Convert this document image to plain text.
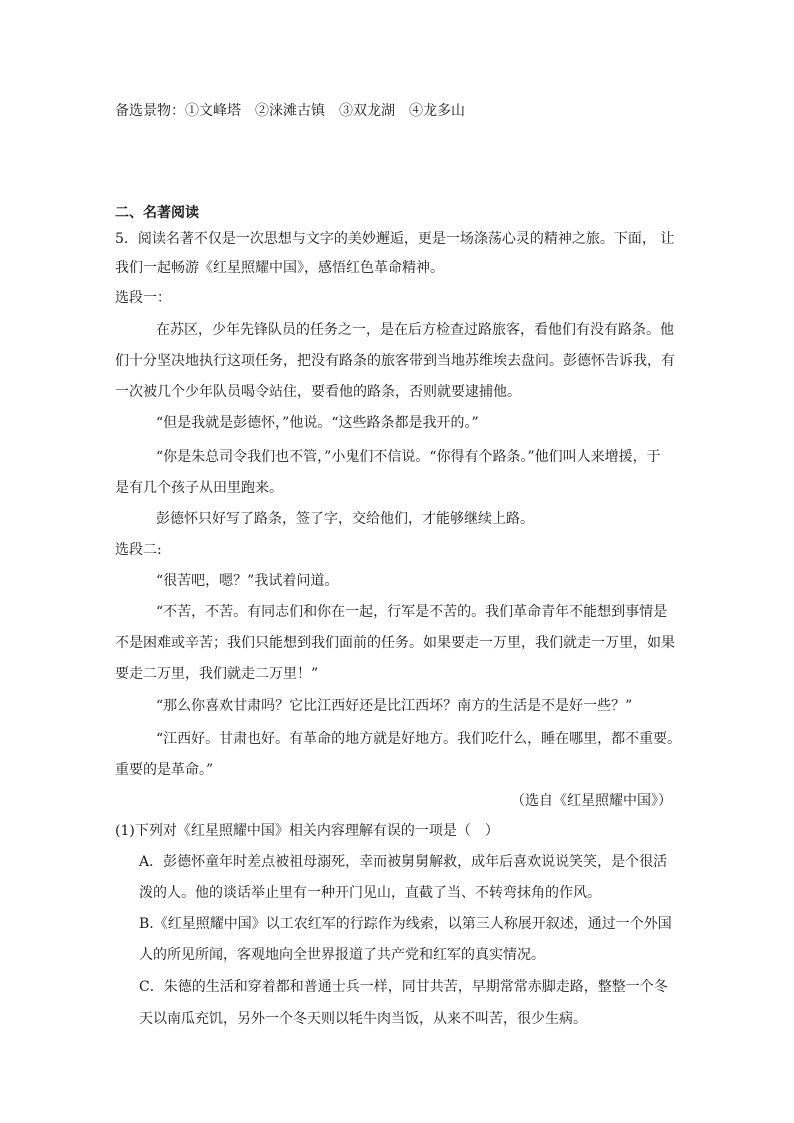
备选景物：①文峰塔　②涞滩古镇　③双龙湖　④龙多山
二、名著阅读
5．阅读名著不仅是一次思想与文字的美妙邂逅，更是一场涤荡心灵的精神之旅。下面， 让
我们一起畅游《红星照耀中国》，感悟红色革命精神。
选段一：
在苏区，少年先锋队员的任务之一，是在后方检查过路旅客，看他们有没有路条。他
们十分坚决地执行这项任务，把没有路条的旅客带到当地苏维埃去盘问。彭德怀告诉我，有
一次被几个少年队员喝令站住，要看他的路条，否则就要逮捕他。
“但是我就是彭德怀，”他说。“这些路条都是我开的。”
“你是朱总司令我们也不管，”小鬼们不信说。“你得有个路条。”他们叫人来增援，于
是有几个孩子从田里跑来。
彭德怀只好写了路条，签了字，交给他们，才能够继续上路。
选段二:
“很苦吧，嗯？”我试着问道。
“不苦，不苦。有同志们和你在一起，行军是不苦的。我们革命青年不能想到事情是
不是困难或辛苦；我们只能想到我们面前的任务。如果要走一万里，我们就走一万里，如果
要走二万里，我们就走二万里！”
“那么你喜欢甘肃吗？它比江西好还是比江西坏？南方的生活是不是好一些？”
“江西好。甘肃也好。有革命的地方就是好地方。我们吃什么，睡在哪里，都不重要。
重要的是革命。”
（选自《红星照耀中国》）
(1)下列对《红星照耀中国》相关内容理解有误的一项是（　）
A．彭德怀童年时差点被祖母溺死，幸而被舅舅解救，成年后喜欢说说笑笑，是个很活
泼的人。他的谈话举止里有一种开门见山，直截了当、不转弯抹角的作风。
B.《红星照耀中国》以工农红军的行踪作为线索，以第三人称展开叙述，通过一个外国
人的所见所闻，客观地向全世界报道了共产党和红军的真实情况。
C．朱德的生活和穿着都和普通士兵一样，同甘共苦，早期常常赤脚走路，整整一个冬
天以南瓜充饥，另外一个冬天则以牦牛肉当饭，从来不叫苦，很少生病。
